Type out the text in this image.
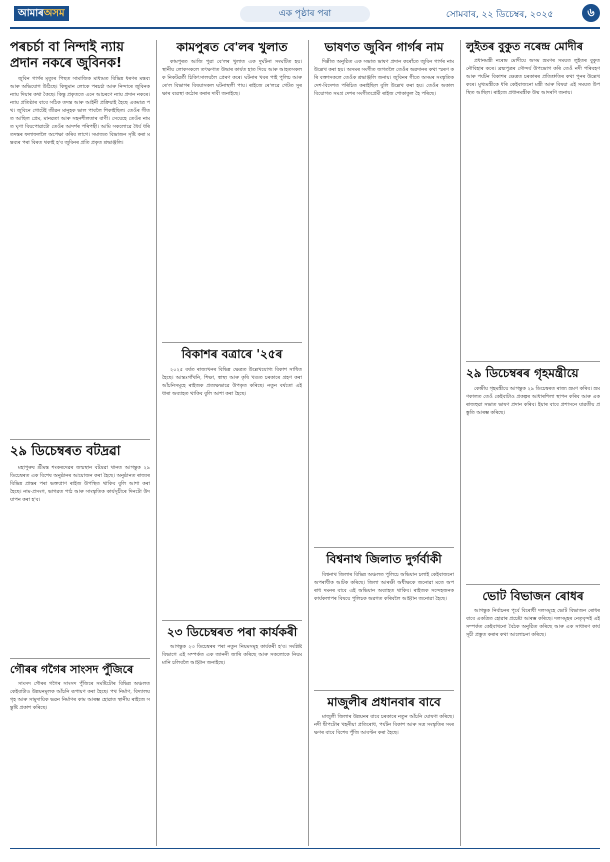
আমাৰঅসম	এক পৃষ্ঠাৰ পৰা	সোমবাৰ, ২২ ডিচেম্বৰ, ২০২৫	৬
পৰচৰ্চা বা নিন্দাই ন্যায় প্ৰদান নকৰে জুবিনক!

জুবিন গাৰ্গৰ মৃত্যুৰ পিছত সামাজিক মাধ্যমত বিভিন্ন ধৰণৰ মন্তব্য আৰু অভিযোগ উঠিছে। কিছুমান লোকে পৰচৰ্চা আৰু নিন্দাৰে জুবিনক ন্যায় দিয়াৰ কথা কৈছে। কিন্তু প্ৰকৃততে এনে আচৰণে ন্যায় প্ৰদান নকৰে। ন্যায় প্ৰতিষ্ঠাৰ বাবে সঠিক তদন্ত আৰু আইনী প্ৰক্ৰিয়াই হৈছে একমাত্ৰ পথ। জুবিনে গোটেই জীৱন মানুহক ভাল পাবলৈ শিকাইছিল। তেওঁৰ গীতত আছিল প্ৰেম, মানৱতা আৰু সহনশীলতাৰ বাণী। সেয়েহে তেওঁৰ নামত ঘৃণা বিয়পোৱাটো তেওঁৰ আদৰ্শৰ পৰিপন্থী। আমি সকলোৱে ধৈৰ্য ধৰি তদন্তৰ ফলাফললৈ অপেক্ষা কৰিব লাগে। সমাজত বিভাজন সৃষ্টি কৰা মন্তব্যৰ পৰা বিৰত থকাই হ'ব জুবিনৰ প্ৰতি প্ৰকৃত শ্ৰদ্ধাঞ্জলি।

২৯ ডিচেম্বৰত বটদ্ৰৱা

মহাপুৰুষ শ্ৰীমন্ত শংকৰদেৱৰ জন্মস্থান বটদ্ৰৱা থানত আগন্তুক ২৯ ডিচেম্বৰত এক বিশেষ অনুষ্ঠানৰ আয়োজন কৰা হৈছে। অনুষ্ঠানত ৰাজ্যৰ বিভিন্ন প্ৰান্তৰ পৰা ভক্তপ্ৰাণ ৰাইজ উপস্থিত থাকিব বুলি আশা কৰা হৈছে। নাম-প্ৰসংগ, ভাগৱত পাঠ আৰু সাংস্কৃতিক কাৰ্যসূচীৰে দিনটো উদযাপন কৰা হ'ব।

গৌৰৰ গগৈৰ সাংসদ পুঁজিৰে

সাংসদ গৌৰৰ গগৈৰ সাংসদ পুঁজিৰে সমষ্টিটোৰ বিভিন্ন অঞ্চলত কেইবাটাও উন্নয়নমূলক আঁচনি ৰূপায়ণ কৰা হৈছে। পথ নিৰ্মাণ, বিদ্যালয় গৃহ আৰু সামুদায়িক ভৱন নিৰ্মাণৰ কাম আৰম্ভ হোৱাত স্থানীয় ৰাইজে সন্তুষ্টি প্ৰকাশ কৰিছে।

কামপুৰত বে'লৰ খুলাত

কামপুৰত আজি পুৱা বে'লৰ খুলাত এক দুৰ্ঘটনা সংঘটিত হয়। স্থানীয় লোকসকলে তৎক্ষণাত উদ্ধাৰ কাৰ্যত হাত দিয়ে আৰু আহতসকলক নিকটৱৰ্তী চিকিৎসালয়লৈ প্ৰেৰণ কৰে। ঘটনাৰ খবৰ পাই পুলিচ আৰু ৰে'ল বিভাগৰ বিষয়াসকল ঘটনাস্থলী পায়। ৰাইজে ৰে'লৱে গেটত সুৰক্ষাৰ ব্যৱস্থা কঠোৰ কৰাৰ দাবী জনাইছে।

বিকাশৰ বত্ৰাৰে '২৫ৰ

২০২৫ বৰ্ষত ৰাজ্যখনৰ বিভিন্ন ক্ষেত্ৰত উল্লেখযোগ্য বিকাশ সাধিত হৈছে। আন্তঃগাঁথনি, শিক্ষা, স্বাস্থ্য আৰু কৃষি খণ্ডত চৰকাৰে গ্ৰহণ কৰা আঁচনিসমূহে ৰাইজক প্ৰত্যক্ষভাৱে উপকৃত কৰিছে। নতুন বৰ্ষতো এই ধাৰা অব্যাহত থাকিব বুলি আশা কৰা হৈছে।

২৩ ডিচেম্বৰত পৰা কাৰ্যকৰী

আগন্তুক ২৩ ডিচেম্বৰৰ পৰা নতুন নিয়মসমূহ কাৰ্যকৰী হ'ব। সংশ্লিষ্ট বিভাগে এই সম্পৰ্কত এক জাননী জাৰি কৰিছে আৰু সকলোকে নিয়ম মানি চলিবলৈ আহ্বান জনাইছে।

ভাষণত জুবিন গাৰ্গৰ নাম

দিল্লীত অনুষ্ঠিত এক সভাত ভাষণ প্ৰদান কৰোঁতে জুবিন গাৰ্গৰ নাম উল্লেখ কৰা হয়। অসমৰ সংগীত জগতলৈ তেওঁৰ অৱদানৰ কথা স্মৰণ কৰি বক্তাসকলে তেওঁক শ্ৰদ্ধাঞ্জলি জনায়। জুবিনৰ গীতে অসমৰ সংস্কৃতিক দেশ-বিদেশত পৰিচিত কৰাইছিল বুলি উল্লেখ কৰা হয়। তেওঁৰ অকাল বিয়োগত সমগ্ৰ দেশৰ সংগীতপ্ৰেমী ৰাইজ শোকাকুল হৈ পৰিছে।

বিশ্বনাথ জিলাত দুৰ্গৰ্বাকী

বিশ্বনাথ জিলাৰ বিভিন্ন অঞ্চলত পুলিচে অভিযান চলাই কেইবাজনো অপৰাধীক আটক কৰিছে। জিলা আৰক্ষী অধীক্ষকে জনোৱা মতে অপৰাধ দমনৰ বাবে এই অভিযান অব্যাহত থাকিব। ৰাইজক সন্দেহজনক কাৰ্যকলাপৰ বিষয়ে পুলিচক অৱগত কৰিবলৈ আহ্বান জনোৱা হৈছে।

মাজুলীৰ প্ৰধানবাৰ বাবে

মাজুলী জিলাৰ উন্নয়নৰ বাবে চৰকাৰে নতুন আঁচনি ঘোষণা কৰিছে। নদী দ্বীপটোৰ খহনীয়া প্ৰতিৰোধ, পৰ্যটন বিকাশ আৰু সত্ৰ সংস্কৃতিৰ সংৰক্ষণৰ বাবে বিশেষ পুঁজি আবণ্টন কৰা হৈছে।

লুইতৰ বুকুত নৰেন্দ্ৰ মোদীৰ

প্ৰধানমন্ত্ৰী নৰেন্দ্ৰ মোদীয়ে অসম ভ্ৰমণৰ সময়ত লুইতৰ বুকুত নৌবিহাৰ কৰে। ব্ৰহ্মপুত্ৰৰ সৌন্দৰ্য উপভোগ কৰি তেওঁ নদী পৰিবহণ আৰু পৰ্যটন বিকাশৰ ক্ষেত্ৰত চৰকাৰৰ প্ৰতিশ্ৰুতিৰ কথা পুনৰ উল্লেখ কৰে। মুখ্যমন্ত্ৰীকে ধৰি কেইবাজনো মন্ত্ৰী আৰু বিষয়া এই সময়ত উপস্থিত আছিল। ৰাইজে প্ৰধানমন্ত্ৰীক উষ্ম আদৰণি জনায়।

২৯ ডিচেম্বৰৰ গৃহমন্ত্ৰীয়ে

কেন্দ্ৰীয় গৃহমন্ত্ৰীয়ে আগন্তুক ২৯ ডিচেম্বৰত ৰাজ্য ভ্ৰমণ কৰিব। ভ্ৰমণকালত তেওঁ কেইবাটাও প্ৰকল্পৰ আধাৰশিলা স্থাপন কৰিব আৰু এক ৰাজহুৱা সভাত ভাষণ প্ৰদান কৰিব। ইয়াৰ বাবে প্ৰশাসনে যাৱতীয় প্ৰস্তুতি আৰম্ভ কৰিছে।

ভোট বিভাজন ৰোধৰ

আগন্তুক নিৰ্বাচনৰ পূৰ্বে বিৰোধী দলসমূহে ভোট বিভাজন ৰোধৰ বাবে একত্ৰিত হোৱাৰ প্ৰচেষ্টা আৰম্ভ কৰিছে। দলসমূহৰ নেতৃবৃন্দই এই সম্পৰ্কত কেইবাখনো বৈঠক অনুষ্ঠিত কৰিছে আৰু এক সাধাৰণ কাৰ্যসূচী প্ৰস্তুত কৰাৰ কথা আলোচনা কৰিছে।
